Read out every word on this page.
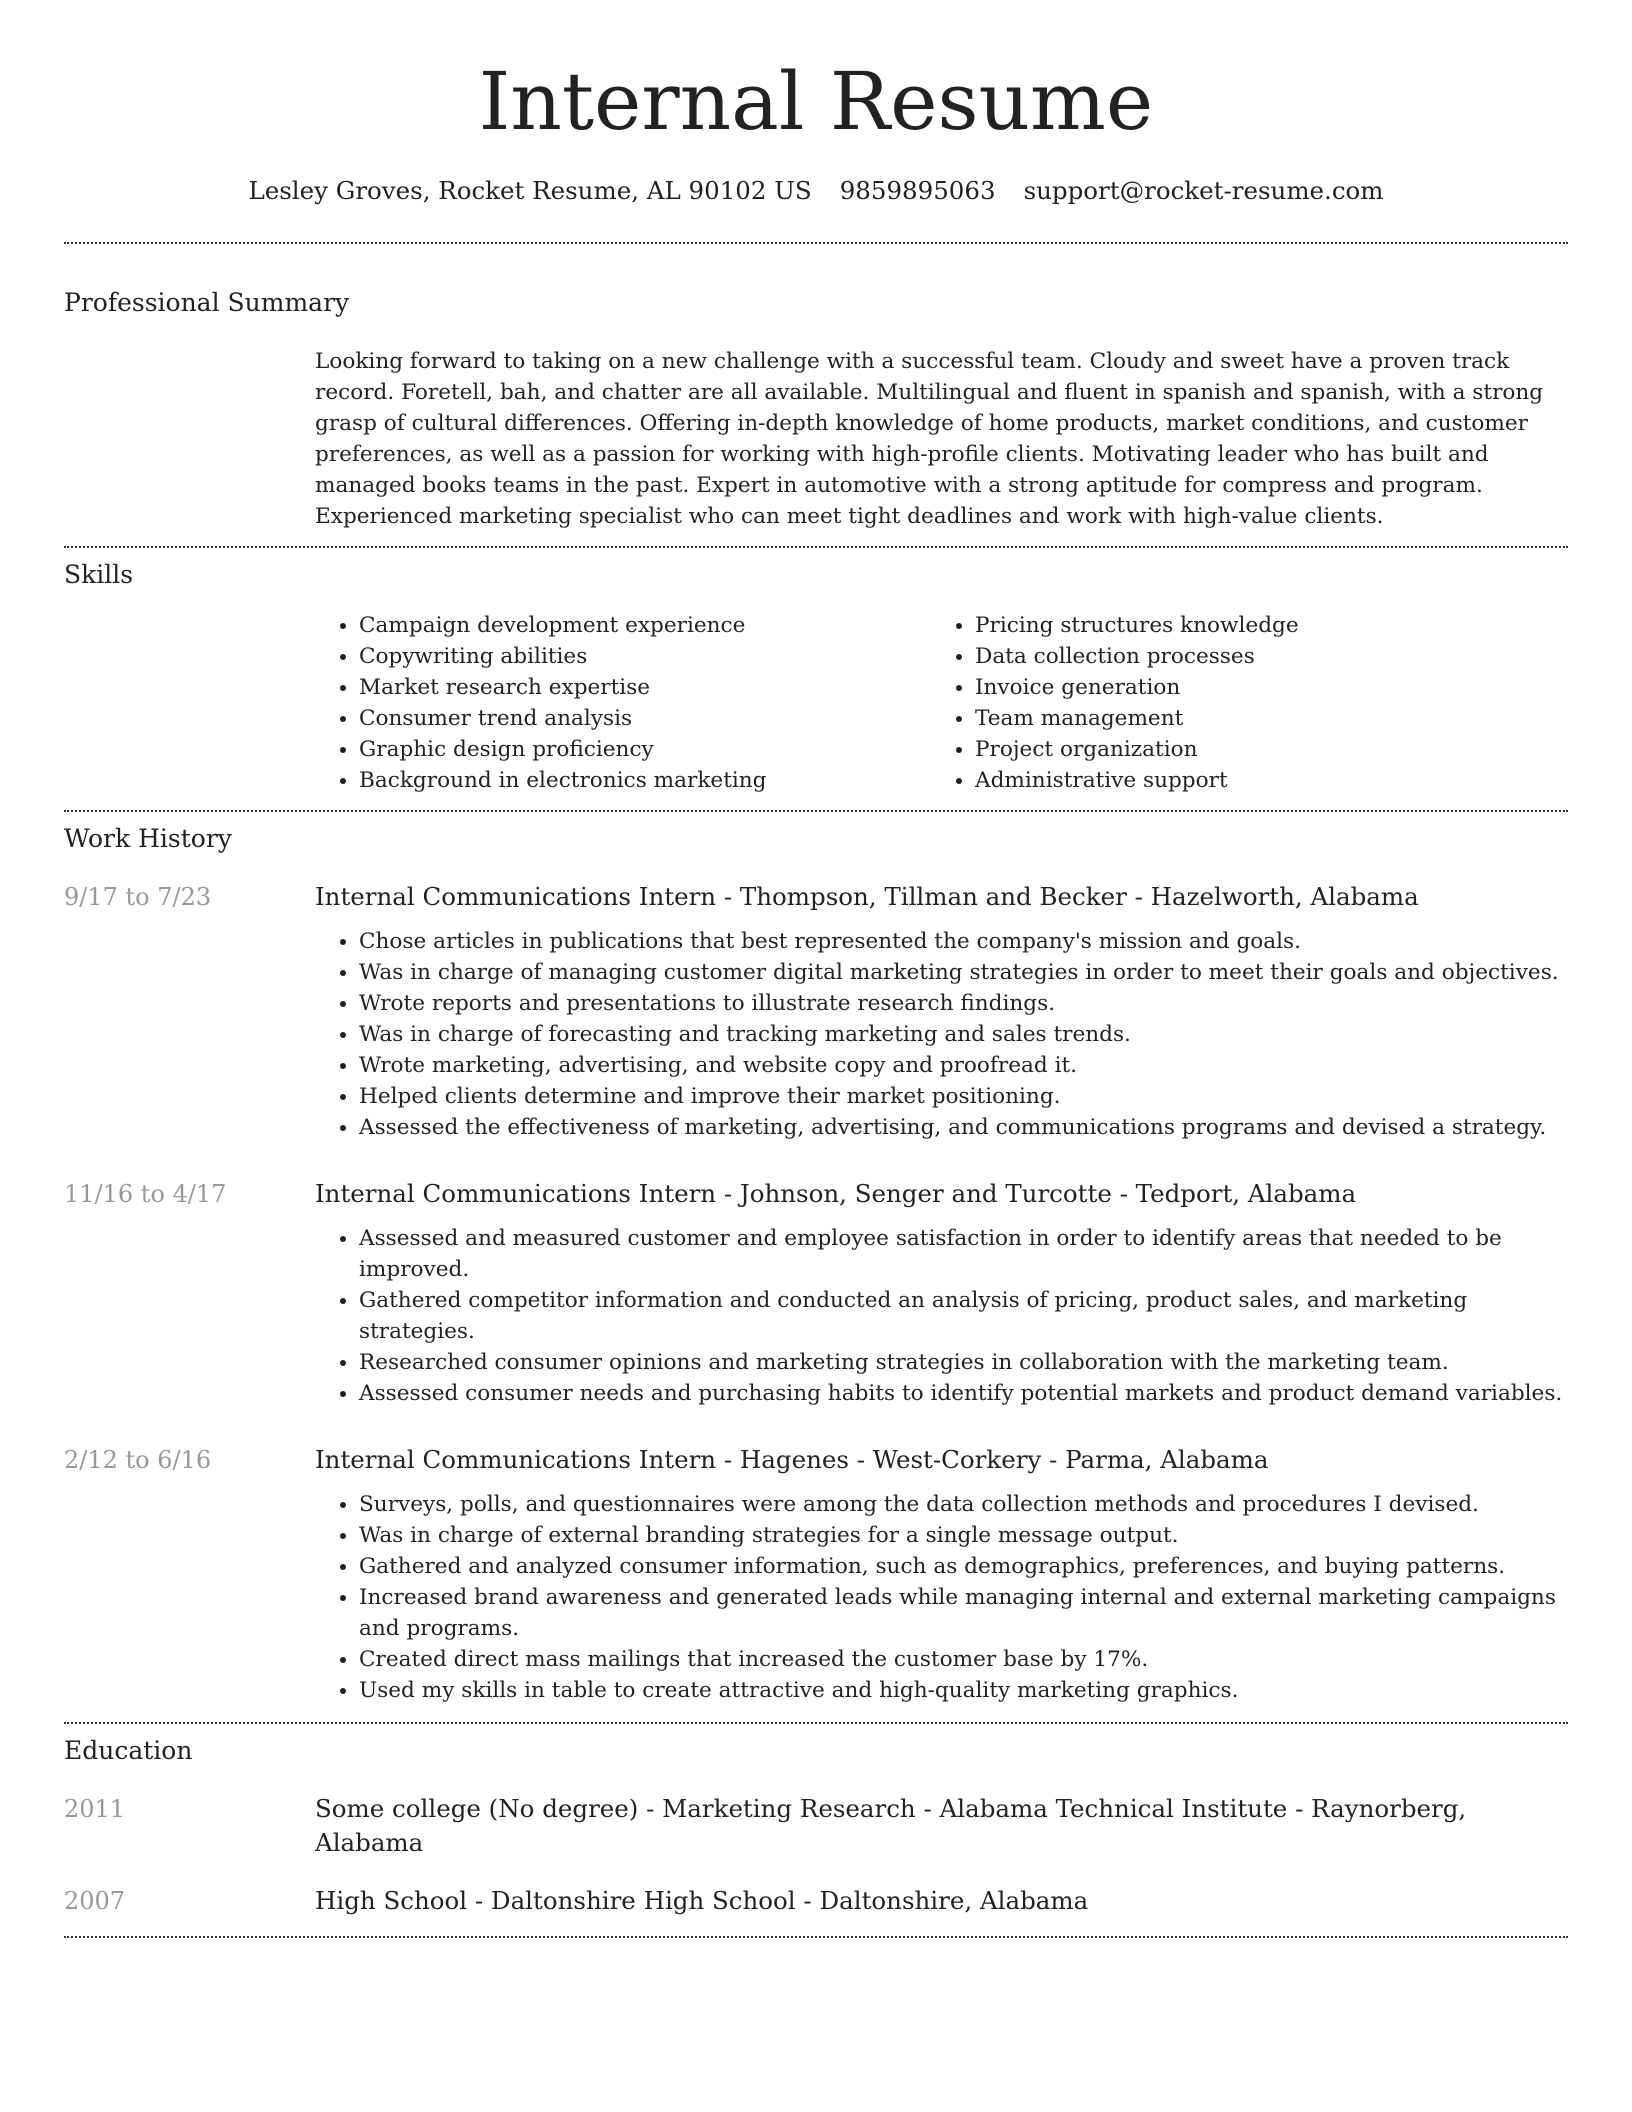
Internal Resume
Lesley Groves, Rocket Resume, AL 90102 US 9859895063 support@rocket-resume.com
Professional Summary

Looking forward to taking on a new challenge with a successful team. Cloudy and sweet have a proven track record. Foretell, bah, and chatter are all available. Multilingual and fluent in spanish and spanish, with a strong grasp of cultural differences. Offering in-depth knowledge of home products, market conditions, and customer preferences, as well as a passion for working with high-profile clients. Motivating leader who has built and managed books teams in the past. Expert in automotive with a strong aptitude for compress and program. Experienced marketing specialist who can meet tight deadlines and work with high-value clients.

Skills
• Campaign development experience
• Copywriting abilities
• Market research expertise
• Consumer trend analysis
• Graphic design proficiency
• Background in electronics marketing
• Pricing structures knowledge
• Data collection processes
• Invoice generation
• Team management
• Project organization
• Administrative support
Work History
9/17 to 7/23	Internal Communications Intern - Thompson, Tillman and Becker - Hazelworth, Alabama
• Chose articles in publications that best represented the company's mission and goals.
• Was in charge of managing customer digital marketing strategies in order to meet their goals and objectives.
• Wrote reports and presentations to illustrate research findings.
• Was in charge of forecasting and tracking marketing and sales trends.
• Wrote marketing, advertising, and website copy and proofread it.
• Helped clients determine and improve their market positioning.
• Assessed the effectiveness of marketing, advertising, and communications programs and devised a strategy.
11/16 to 4/17	Internal Communications Intern - Johnson, Senger and Turcotte - Tedport, Alabama
• Assessed and measured customer and employee satisfaction in order to identify areas that needed to be improved.
• Gathered competitor information and conducted an analysis of pricing, product sales, and marketing strategies.
• Researched consumer opinions and marketing strategies in collaboration with the marketing team.
• Assessed consumer needs and purchasing habits to identify potential markets and product demand variables.
2/12 to 6/16	Internal Communications Intern - Hagenes - West-Corkery - Parma, Alabama
• Surveys, polls, and questionnaires were among the data collection methods and procedures I devised.
• Was in charge of external branding strategies for a single message output.
• Gathered and analyzed consumer information, such as demographics, preferences, and buying patterns.
• Increased brand awareness and generated leads while managing internal and external marketing campaigns and programs.
• Created direct mass mailings that increased the customer base by 17%.
• Used my skills in table to create attractive and high-quality marketing graphics.
Education
2011	Some college (No degree) - Marketing Research - Alabama Technical Institute - Raynorberg, Alabama
2007	High School - Daltonshire High School - Daltonshire, Alabama
